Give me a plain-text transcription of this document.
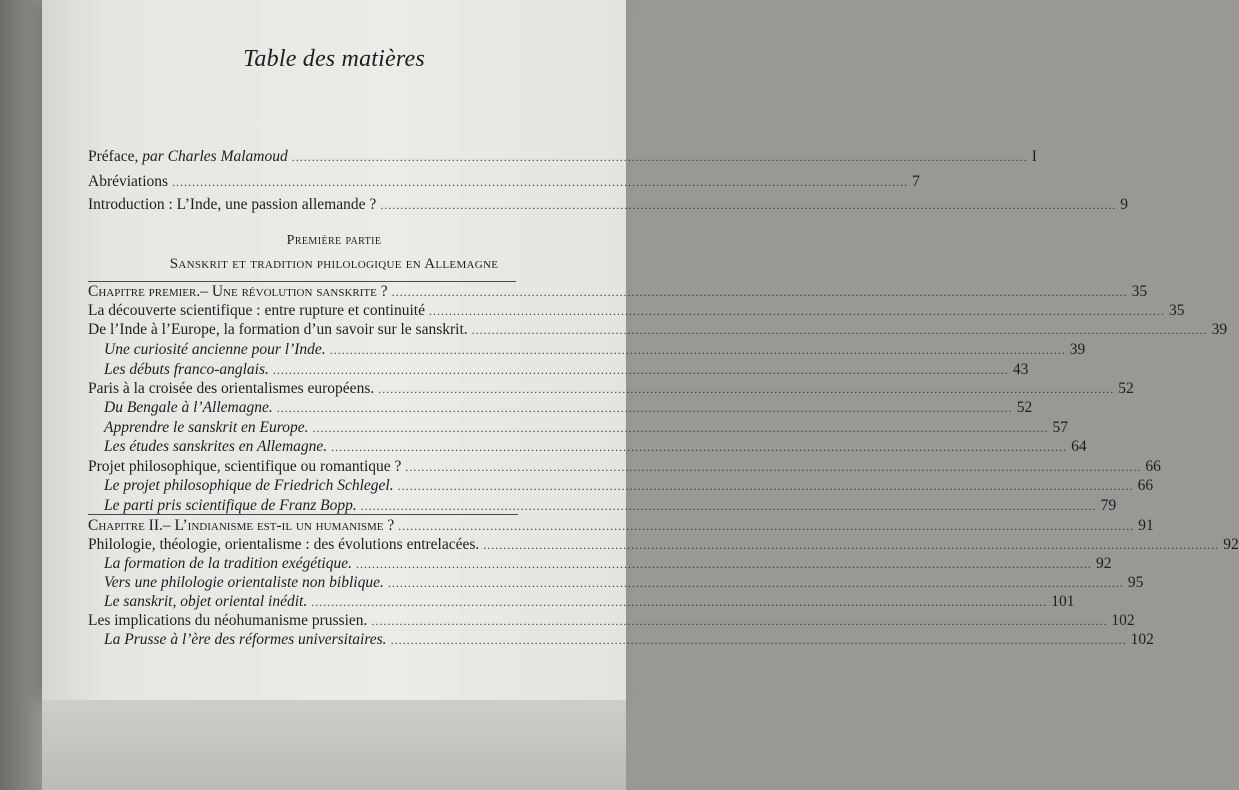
Table des matières
Préface, par Charles Malamoud ........................................................................................................................................................................................ I
Abréviations ........................................................................................................................................................................................ 7
Introduction : L’Inde, une passion allemande ? ........................................................................................................................................................................................ 9
Première partie
Sanskrit et tradition philologique en Allemagne
Chapitre premier.– Une révolution sanskrite ? ........................................................................................................................................................................................ 35
La découverte scientifique : entre rupture et continuité ........................................................................................................................................................................................ 35
De l’Inde à l’Europe, la formation d’un savoir sur le sanskrit. ........................................................................................................................................................................................ 39
Une curiosité ancienne pour l’Inde. ........................................................................................................................................................................................ 39
Les débuts franco-anglais. ........................................................................................................................................................................................ 43
Paris à la croisée des orientalismes européens. ........................................................................................................................................................................................ 52
Du Bengale à l’Allemagne. ........................................................................................................................................................................................ 52
Apprendre le sanskrit en Europe. ........................................................................................................................................................................................ 57
Les études sanskrites en Allemagne. ........................................................................................................................................................................................ 64
Projet philosophique, scientifique ou romantique ? ........................................................................................................................................................................................ 66
Le projet philosophique de Friedrich Schlegel. ........................................................................................................................................................................................ 66
Le parti pris scientifique de Franz Bopp. ........................................................................................................................................................................................ 79
Chapitre II.– L’indianisme est-il un humanisme ? ........................................................................................................................................................................................ 91
Philologie, théologie, orientalisme : des évolutions entrelacées. ........................................................................................................................................................................................ 92
La formation de la tradition exégétique. ........................................................................................................................................................................................ 92
Vers une philologie orientaliste non biblique. ........................................................................................................................................................................................ 95
Le sanskrit, objet oriental inédit. ........................................................................................................................................................................................ 101
Les implications du néohumanisme prussien. ........................................................................................................................................................................................ 102
La Prusse à l’ère des réformes universitaires. ........................................................................................................................................................................................ 102
